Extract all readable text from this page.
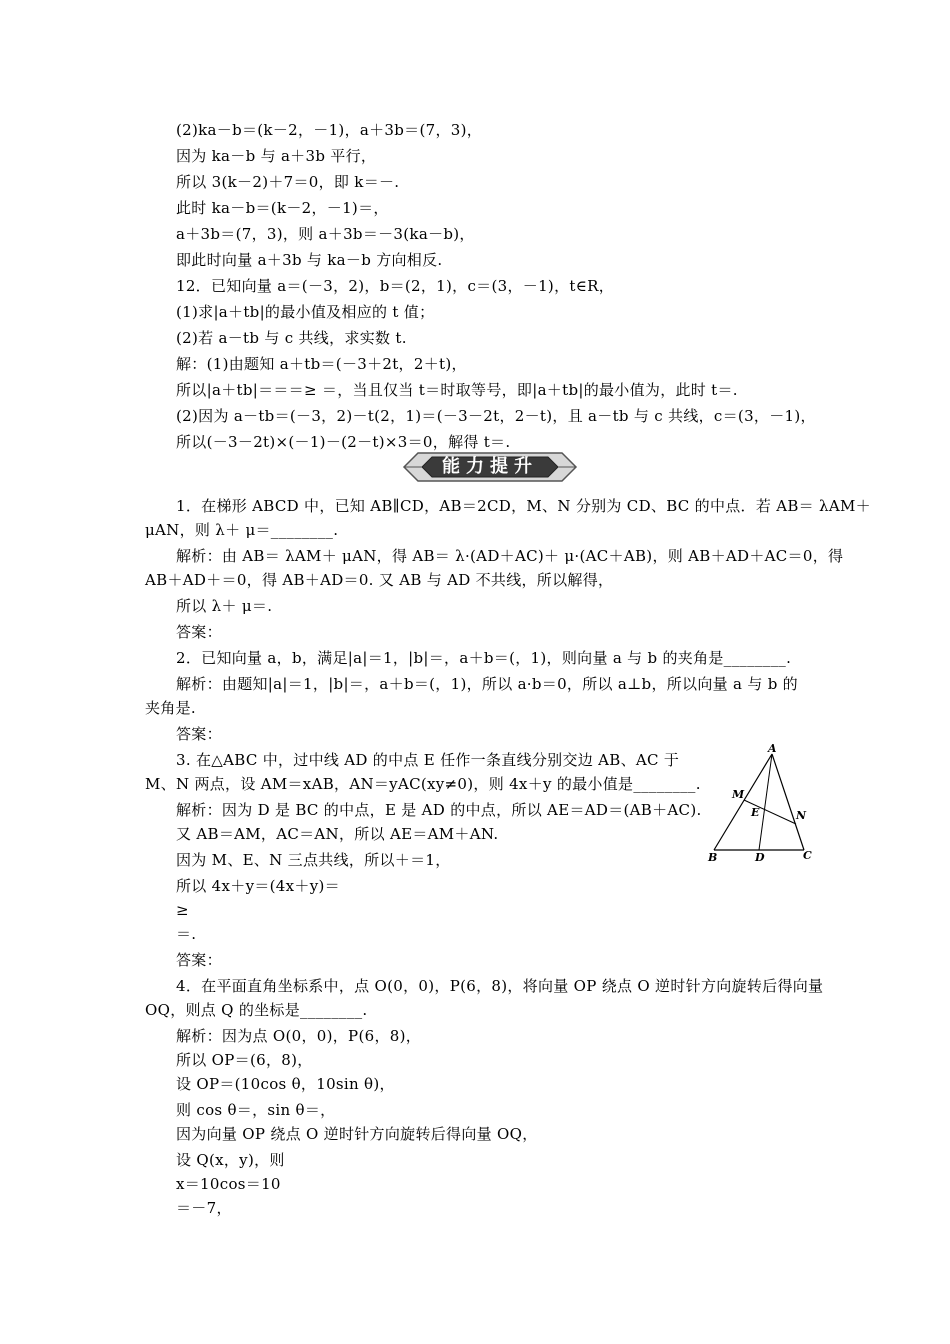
(2)ka－b＝(k－2，－1)，a＋3b＝(7，3)，
因为 ka－b 与 a＋3b 平行，
所以 3(k－2)＋7＝0，即 k＝－.
此时 ka－b＝(k－2，－1)＝，
a＋3b＝(7，3)，则 a＋3b＝－3(ka－b)，
即此时向量 a＋3b 与 ka－b 方向相反.
12．已知向量 a＝(－3，2)，b＝(2，1)，c＝(3，－1)，t∈R，
(1)求|a＋tb|的最小值及相应的 t 值；
(2)若 a－tb 与 c 共线，求实数 t.
解：(1)由题知 a＋tb＝(－3＋2t，2＋t)，
所以|a＋tb|＝＝＝≥ ＝，当且仅当 t＝时取等号，即|a＋tb|的最小值为，此时 t＝.
(2)因为 a－tb＝(－3，2)－t(2，1)＝(－3－2t，2－t)，且 a－tb 与 c 共线，c＝(3，－1)，
所以(－3－2t)×(－1)－(2－t)×3＝0，解得 t＝.
能力提升
1．在梯形 ABCD 中，已知 AB∥CD，AB＝2CD，M、N 分别为 CD、BC 的中点．若 AB＝ λAM＋
μAN，则 λ＋ μ＝________.
解析：由 AB＝ λAM＋ μAN，得 AB＝ λ·(AD＋AC)＋ μ·(AC＋AB)，则 AB＋AD＋AC＝0，得
AB＋AD＋＝0，得 AB＋AD＝0. 又 AB 与 AD 不共线，所以解得，
所以 λ＋ μ＝.
答案：
2．已知向量 a，b，满足|a|＝1，|b|＝，a＋b＝(，1)，则向量 a 与 b 的夹角是________.
解析：由题知|a|＝1，|b|＝，a＋b＝(，1)，所以 a·b＝0，所以 a⊥b，所以向量 a 与 b 的
夹角是.
答案：
3. 在△ABC 中，过中线 AD 的中点 E 任作一条直线分别交边 AB、AC 于
M、N 两点，设 AM＝xAB，AN＝yAC(xy≠0)，则 4x＋y 的最小值是________.
解析：因为 D 是 BC 的中点，E 是 AD 的中点，所以 AE＝AD＝(AB＋AC).
又 AB＝AM，AC＝AN，所以 AE＝AM＋AN.
因为 M、E、N 三点共线，所以＋＝1，
所以 4x＋y＝(4x＋y)＝
≥
＝.
答案：
4．在平面直角坐标系中，点 O(0，0)，P(6，8)，将向量 OP 绕点 O 逆时针方向旋转后得向量
OQ，则点 Q 的坐标是________.
解析：因为点 O(0，0)，P(6，8)，
所以 OP＝(6，8)，
设 OP＝(10cos θ，10sin θ)，
则 cos θ＝，sin θ＝，
因为向量 OP 绕点 O 逆时针方向旋转后得向量 OQ，
设 Q(x，y)，则
x＝10cos＝10
＝－7，
A
M
E	N
B	D	C
